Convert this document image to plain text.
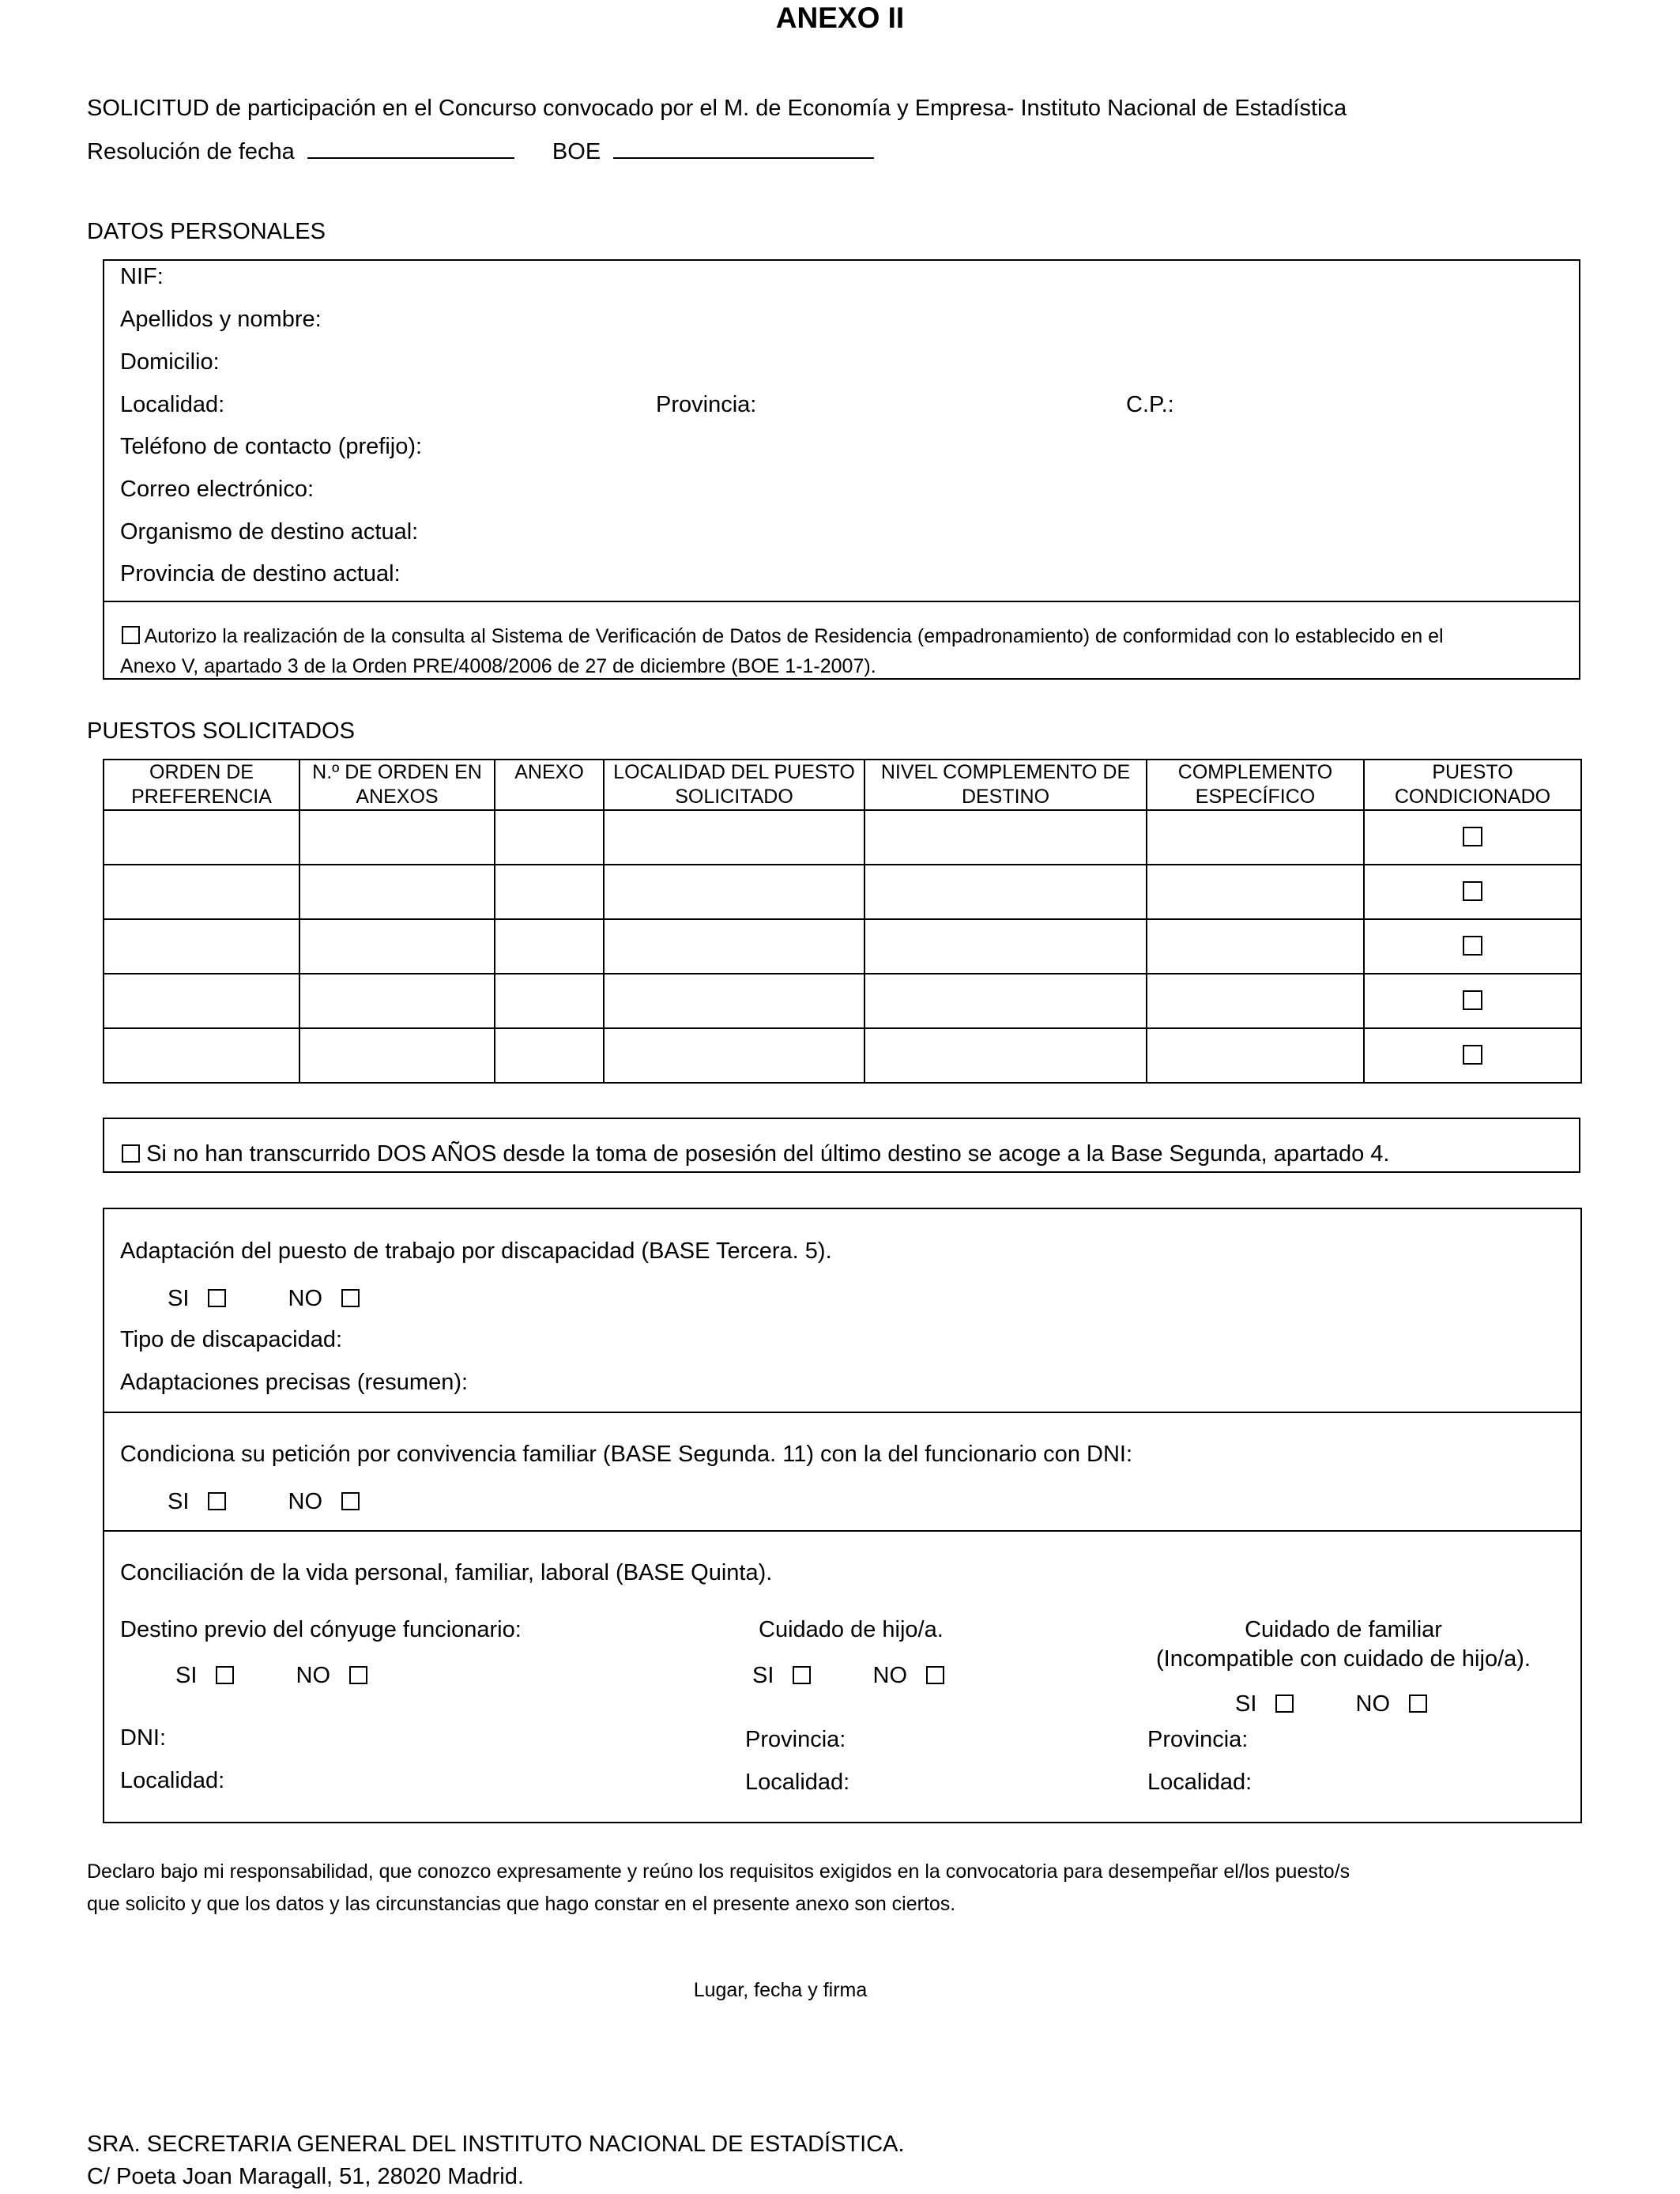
ANEXO II
SOLICITUD de participación en el Concurso convocado por el M. de Economía y Empresa- Instituto Nacional de Estadística
Resolución de fecha	BOE
DATOS PERSONALES
NIF:
Apellidos y nombre:
Domicilio:
Localidad:	Provincia:	C.P.:
Teléfono de contacto (prefijo):
Correo electrónico:
Organismo de destino actual:
Provincia de destino actual:
Autorizo la realización de la consulta al Sistema de Verificación de Datos de Residencia (empadronamiento) de conformidad con lo establecido en el
Anexo V, apartado 3 de la Orden PRE/4008/2006 de 27 de diciembre (BOE 1-1-2007).
PUESTOS SOLICITADOS
ORDEN DE PREFERENCIA	N.º DE ORDEN EN ANEXOS	ANEXO	LOCALIDAD DEL PUESTO SOLICITADO	NIVEL COMPLEMENTO DE DESTINO	COMPLEMENTO ESPECÍFICO	PUESTO CONDICIONADO

Si no han transcurrido DOS AÑOS desde la toma de posesión del último destino se acoge a la Base Segunda, apartado 4.
Adaptación del puesto de trabajo por discapacidad (BASE Tercera. 5).
SI	NO
Tipo de discapacidad:
Adaptaciones precisas (resumen):
Condiciona su petición por convivencia familiar (BASE Segunda. 11) con la del funcionario con DNI:
SI	NO
Conciliación de la vida personal, familiar, laboral (BASE Quinta).
Destino previo del cónyuge funcionario:
SI	NO
DNI:
Localidad:
Cuidado de hijo/a.
SI	NO
Provincia:
Localidad:
Cuidado de familiar
(Incompatible con cuidado de hijo/a).
SI	NO
Provincia:
Localidad:
Declaro bajo mi responsabilidad, que conozco expresamente y reúno los requisitos exigidos en la convocatoria para desempeñar el/los puesto/s
que solicito y que los datos y las circunstancias que hago constar en el presente anexo son ciertos.
Lugar, fecha y firma
SRA. SECRETARIA GENERAL DEL INSTITUTO NACIONAL DE ESTADÍSTICA.
C/ Poeta Joan Maragall, 51, 28020 Madrid.
